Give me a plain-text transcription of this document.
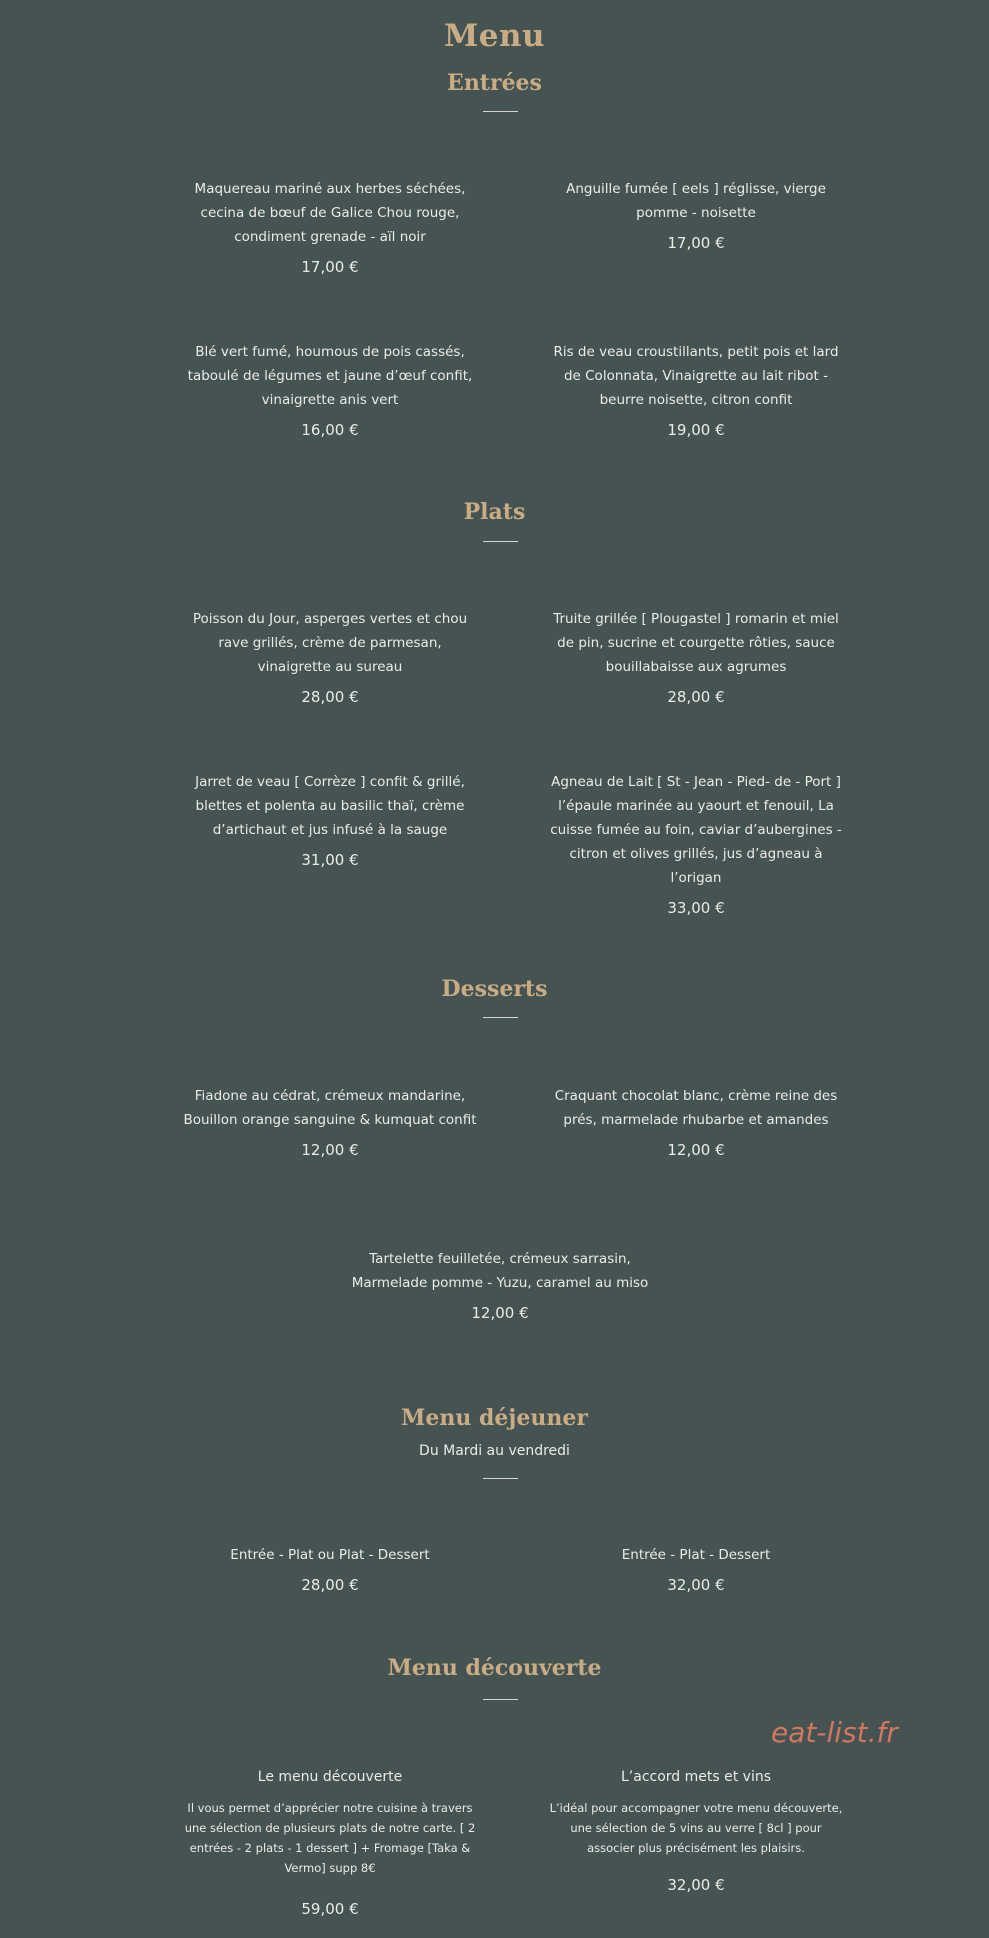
Menu
Entrées
Maquereau mariné aux herbes séchées, cecina de bœuf de Galice Chou rouge, condiment grenade - aïl noir
17,00 €
Anguille fumée [ eels ] réglisse, vierge pomme - noisette
17,00 €
Blé vert fumé, houmous de pois cassés, taboulé de légumes et jaune d’œuf confit, vinaigrette anis vert
16,00 €
Ris de veau croustillants, petit pois et lard de Colonnata, Vinaigrette au lait ribot - beurre noisette, citron confit
19,00 €
Plats
Poisson du Jour, asperges vertes et chou rave grillés, crème de parmesan, vinaigrette au sureau
28,00 €
Truite grillée [ Plougastel ] romarin et miel de pin, sucrine et courgette rôties, sauce bouillabaisse aux agrumes
28,00 €
Jarret de veau [ Corrèze ] confit & grillé, blettes et polenta au basilic thaï, crème d’artichaut et jus infusé à la sauge
31,00 €
Agneau de Lait [ St - Jean - Pied- de - Port ] l’épaule marinée au yaourt et fenouil, La cuisse fumée au foin, caviar d’aubergines - citron et olives grillés, jus d’agneau à l’origan
33,00 €
Desserts
Fiadone au cédrat, crémeux mandarine, Bouillon orange sanguine & kumquat confit
12,00 €
Craquant chocolat blanc, crème reine des prés, marmelade rhubarbe et amandes
12,00 €
Tartelette feuilletée, crémeux sarrasin, Marmelade pomme - Yuzu, caramel au miso
12,00 €
Menu déjeuner
Du Mardi au vendredi
Entrée - Plat ou Plat - Dessert
28,00 €
Entrée - Plat - Dessert
32,00 €
Menu découverte
Le menu découverte
Il vous permet d’apprécier notre cuisine à travers une sélection de plusieurs plats de notre carte. [ 2 entrées - 2 plats - 1 dessert ] + Fromage [Taka & Vermo] supp 8€
59,00 €
L’accord mets et vins
L’idéal pour accompagner votre menu découverte, une sélection de 5 vins au verre [ 8cl ] pour associer plus précisément les plaisirs.
32,00 €
eat-list.fr
